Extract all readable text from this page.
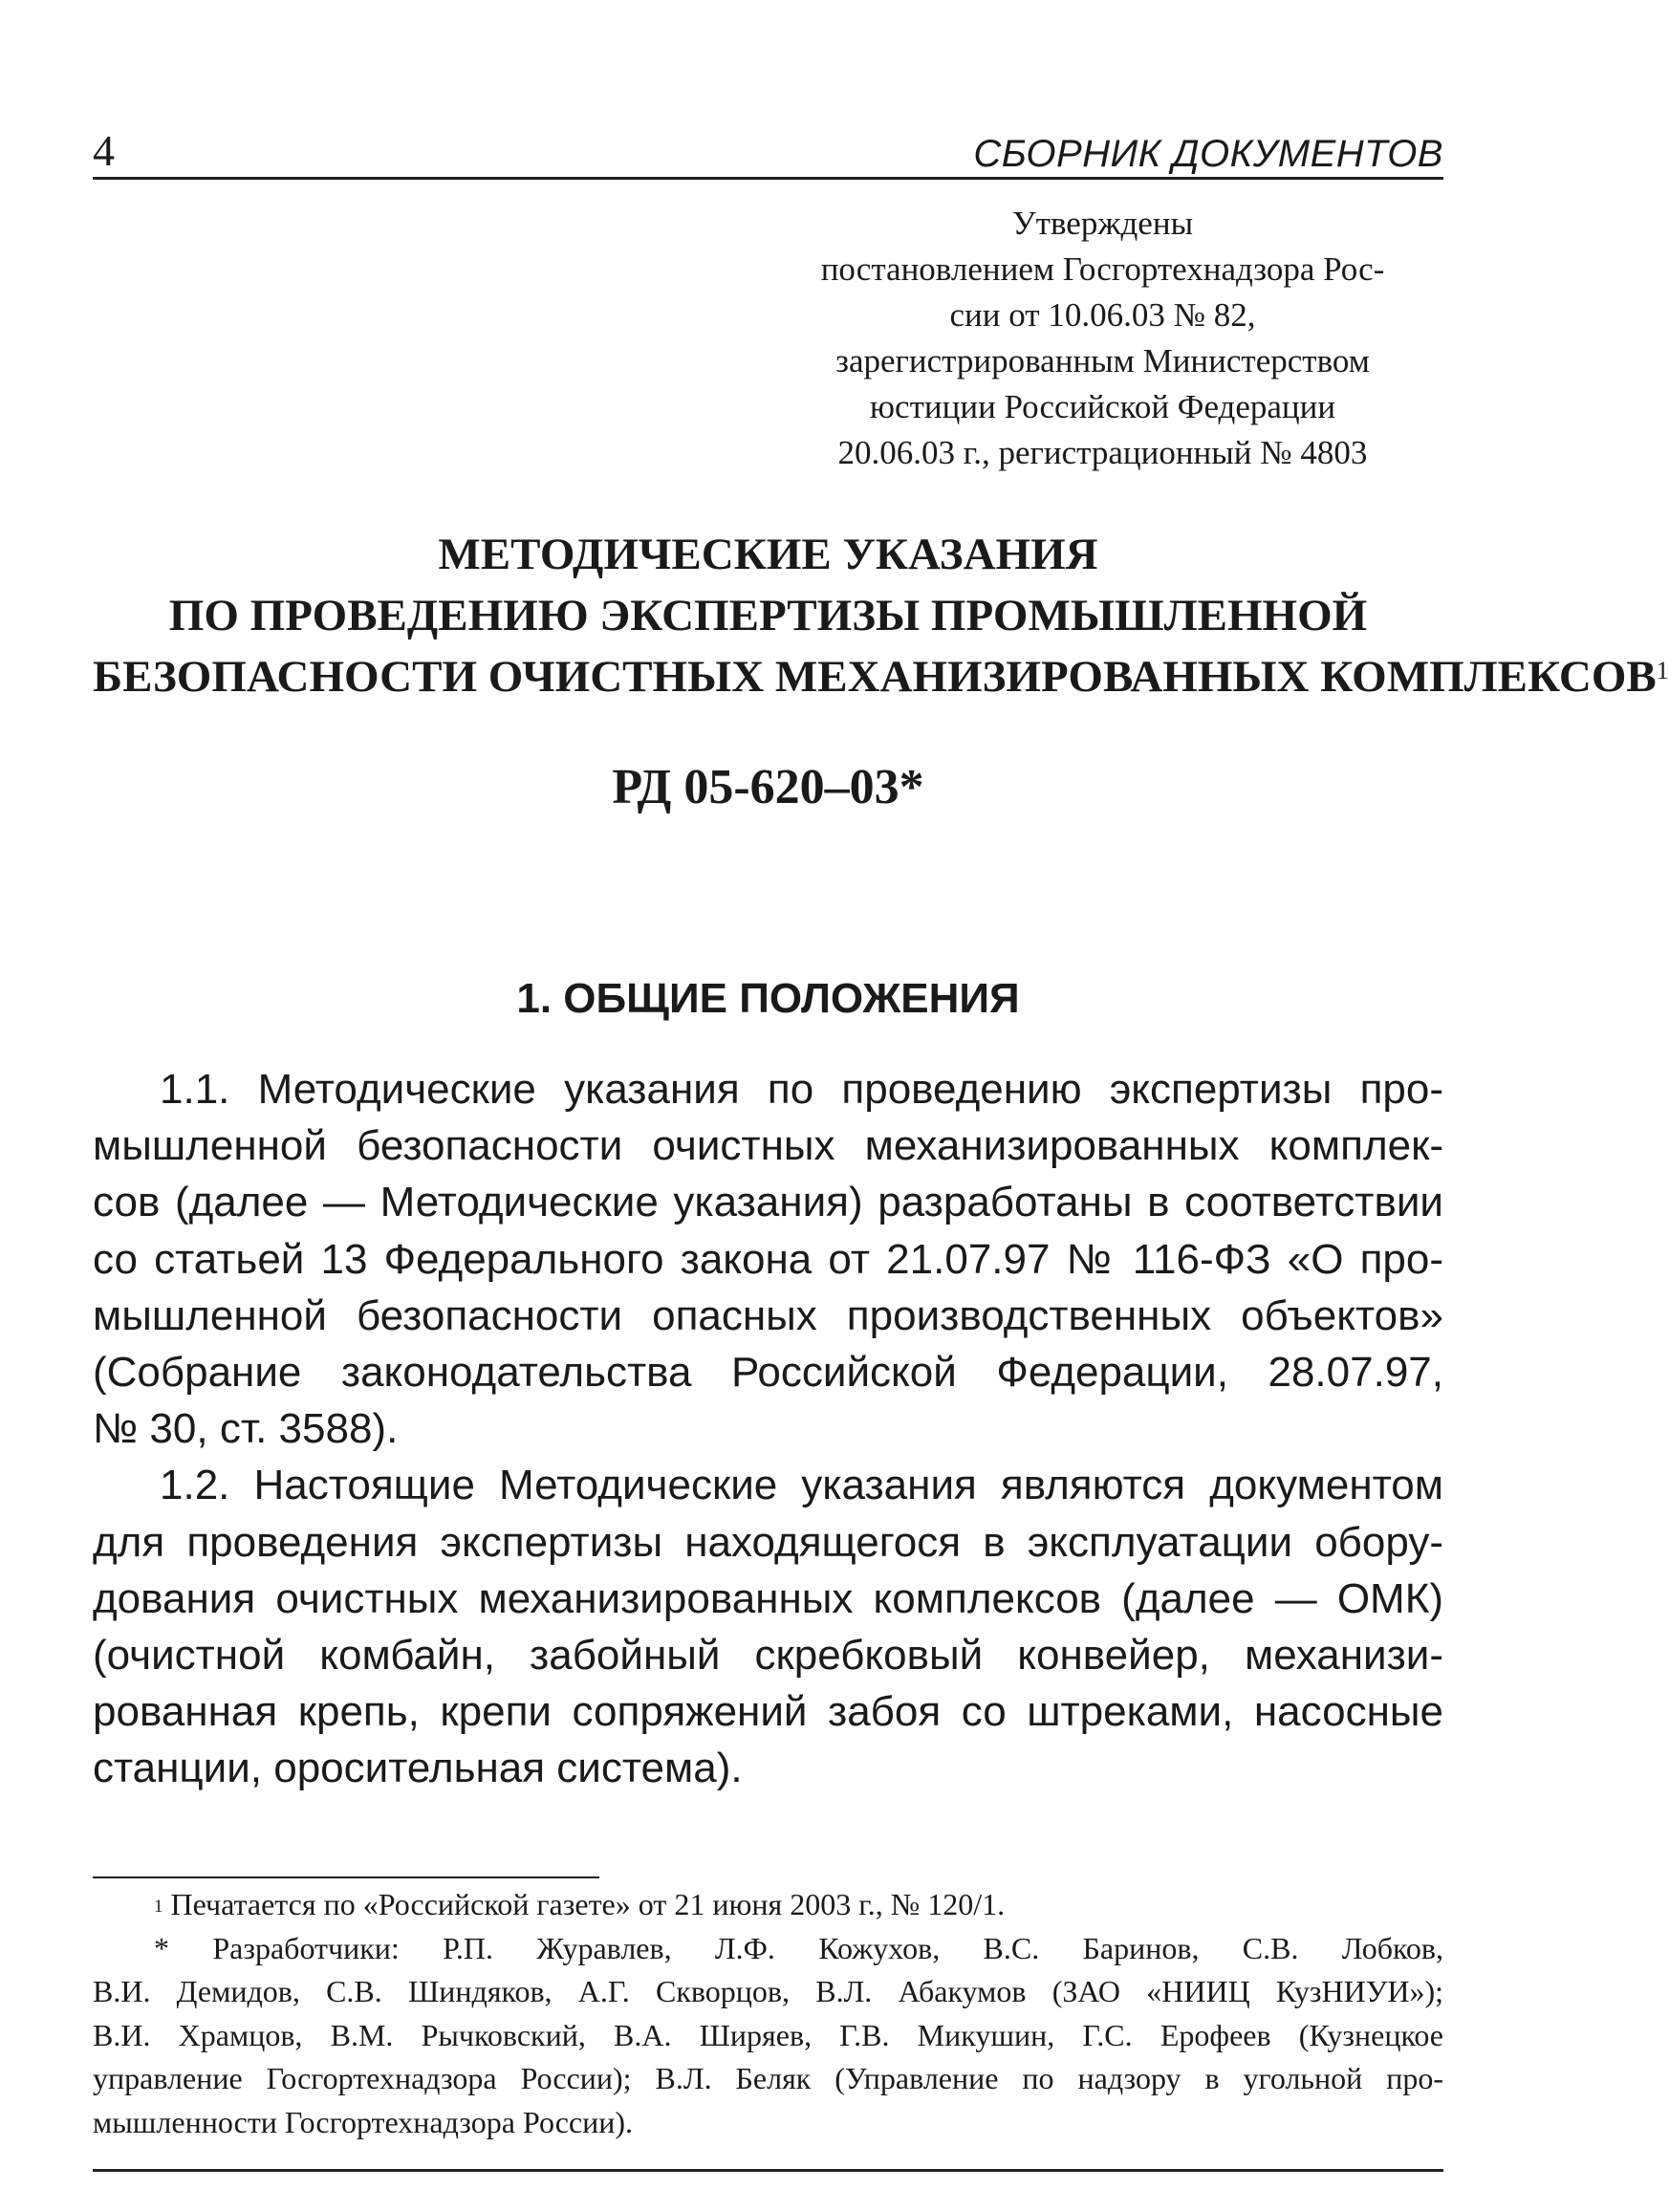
4	СБОРНИК ДОКУМЕНТОВ
Утверждены
постановлением Госгортехнадзора Рос-
сии от 10.06.03 № 82,
зарегистрированным Министерством
юстиции Российской Федерации
20.06.03 г., регистрационный № 4803
МЕТОДИЧЕСКИЕ УКАЗАНИЯ
ПО ПРОВЕДЕНИЮ ЭКСПЕРТИЗЫ ПРОМЫШЛЕННОЙ
БЕЗОПАСНОСТИ ОЧИСТНЫХ МЕХАНИЗИРОВАННЫХ КОМПЛЕКСОВ$^1$
РД 05-620–03*
1. ОБЩИЕ ПОЛОЖЕНИЯ
1.1. Методические указания по проведению экспертизы про-
мышленной безопасности очистных механизированных комплек-
сов (далее — Методические указания) разработаны в соответствии
со статьей 13 Федерального закона от 21.07.97 № 116-ФЗ «О про-
мышленной безопасности опасных производственных объектов»
(Собрание законодательства Российской Федерации, 28.07.97,
№ 30, ст. 3588).
1.2. Настоящие Методические указания являются документом
для проведения экспертизы находящегося в эксплуатации обору-
дования очистных механизированных комплексов (далее — ОМК)
(очистной комбайн, забойный скребковый конвейер, механизи-
рованная крепь, крепи сопряжений забоя со штреками, насосные
станции, оросительная система).
$^1$ Печатается по «Российской газете» от 21 июня 2003 г., № 120/1.
* Разработчики: Р.П. Журавлев, Л.Ф. Кожухов, В.С. Баринов, С.В. Лобков,
В.И. Демидов, С.В. Шиндяков, А.Г. Скворцов, В.Л. Абакумов (ЗАО «НИИЦ КузНИУИ»);
В.И. Храмцов, В.М. Рычковский, В.А. Ширяев, Г.В. Микушин, Г.С. Ерофеев (Кузнецкое
управление Госгортехнадзора России); В.Л. Беляк (Управление по надзору в угольной про-
мышленности Госгортехнадзора России).
